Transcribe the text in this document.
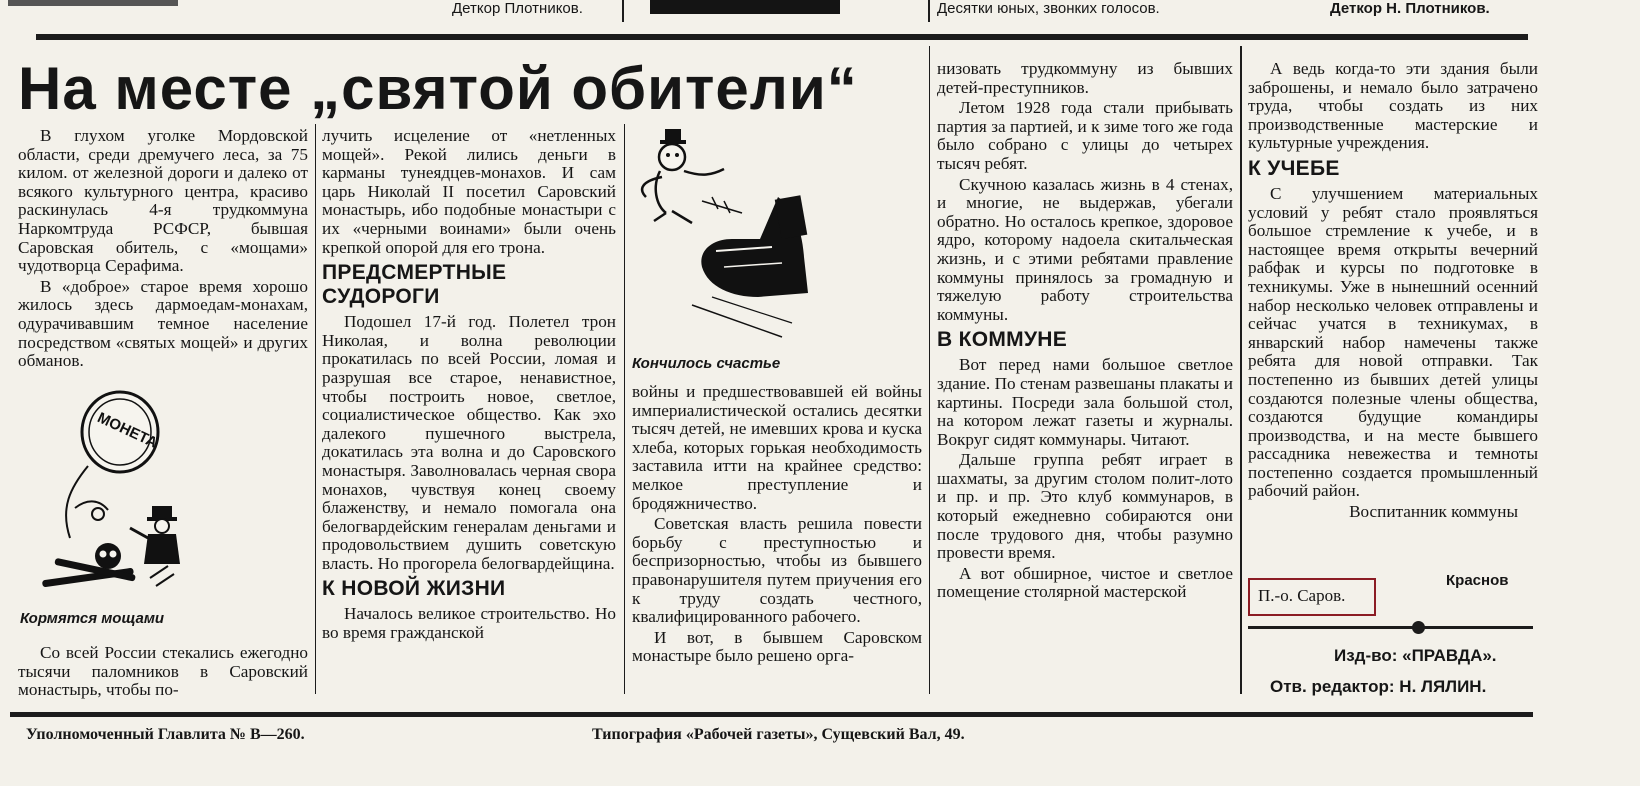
Деткор Плотников.	Десятки юных, звонких голосов.	Деткор Н. Плотников.
На месте „святой обители“

В глухом уголке Мордовской области, среди дремучего леса, за 75 килом. от железной дороги и далеко от всякого культурного центра, красиво раскинулась 4-я трудкоммуна Наркомтруда РСФСР, бывшая Саровская обитель, с «мощами» чудотворца Серафима.

В «доброе» старое время хорошо жилось здесь дармоедам-монахам, одурачивавшим темное население посредством «святых мощей» и других обманов.

МОНЕТА
Кормятся мощами

Со всей России стекались ежегодно тысячи паломников в Саровский монастырь, чтобы по-

лучить исцеление от «нетленных мощей». Рекой лились деньги в карманы тунеядцев-монахов. И сам царь Николай II посетил Саровский монастырь, ибо подобные монастыри с их «черными воинами» были очень крепкой опорой для его трона.

ПРЕДСМЕРТНЫЕ СУДОРОГИ

Подошел 17-й год. Полетел трон Николая, и волна революции прокатилась по всей России, ломая и разрушая все старое, ненавистное, чтобы построить новое, светлое, социалистическое общество. Как эхо далекого пушечного выстрела, докатилась эта волна и до Саровского монастыря. Заволновалась черная свора монахов, чувствуя конец своему блаженству, и немало помогала она белогвардейским генералам деньгами и продовольствием душить советскую власть. Но прогорела белогвардейщина.

К НОВОЙ ЖИЗНИ

Началось великое строительство. Но во время гражданской

Кончилось счастье

войны и предшествовавшей ей войны империалистической остались десятки тысяч детей, не имевших крова и куска хлеба, которых горькая необходимость заставила итти на крайнее средство: мелкое преступление и бродяжничество.

Советская власть решила повести борьбу с преступностью и беспризорностью, чтобы из бывшего правонарушителя путем приучения его к труду создать честного, квалифицированного рабочего.

И вот, в бывшем Саровском монастыре было решено орга-

низовать трудкоммуну из бывших детей-преступников.

Летом 1928 года стали прибывать партия за партией, и к зиме того же года было собрано с улицы до четырех тысяч ребят.

Скучною казалась жизнь в 4 стенах, и многие, не выдержав, убегали обратно. Но осталось крепкое, здоровое ядро, которому надоела скитальческая жизнь, и с этими ребятами правление коммуны принялось за громадную и тяжелую работу строительства коммуны.

В КОММУНЕ

Вот перед нами большое светлое здание. По стенам развешаны плакаты и картины. Посреди зала большой стол, на котором лежат газеты и журналы. Вокруг сидят коммунары. Читают.

Дальше группа ребят играет в шахматы, за другим столом полит-лото и пр. и пр. Это клуб коммунаров, в который ежедневно собираются они после трудового дня, чтобы разумно провести время.

А вот обширное, чистое и светлое помещение столярной мастерской

А ведь когда-то эти здания были заброшены, и немало было затрачено труда, чтобы создать из них производственные мастерские и культурные учреждения.

К УЧЕБЕ

С улучшением материальных условий у ребят стало проявляться большое стремление к учебе, и в настоящее время открыты вечерний рабфак и курсы по подготовке в техникумы. Уже в нынешний осенний набор несколько человек отправлены и сейчас учатся в техникумах, в январский набор намечены также ребята для новой отправки. Так постепенно из бывших детей улицы создаются полезные члены общества, создаются будущие командиры производства, и на месте бывшего рассадника невежества и темноты постепенно создается промышленный рабочий район.

Воспитанник коммуны
Краснов
П.-о. Саров.
Изд-во: «ПРАВДА».
Отв. редактор: Н. ЛЯЛИН.
Уполномоченный Главлита № В—260.	Типография «Рабочей газеты», Сущевский Вал, 49.
